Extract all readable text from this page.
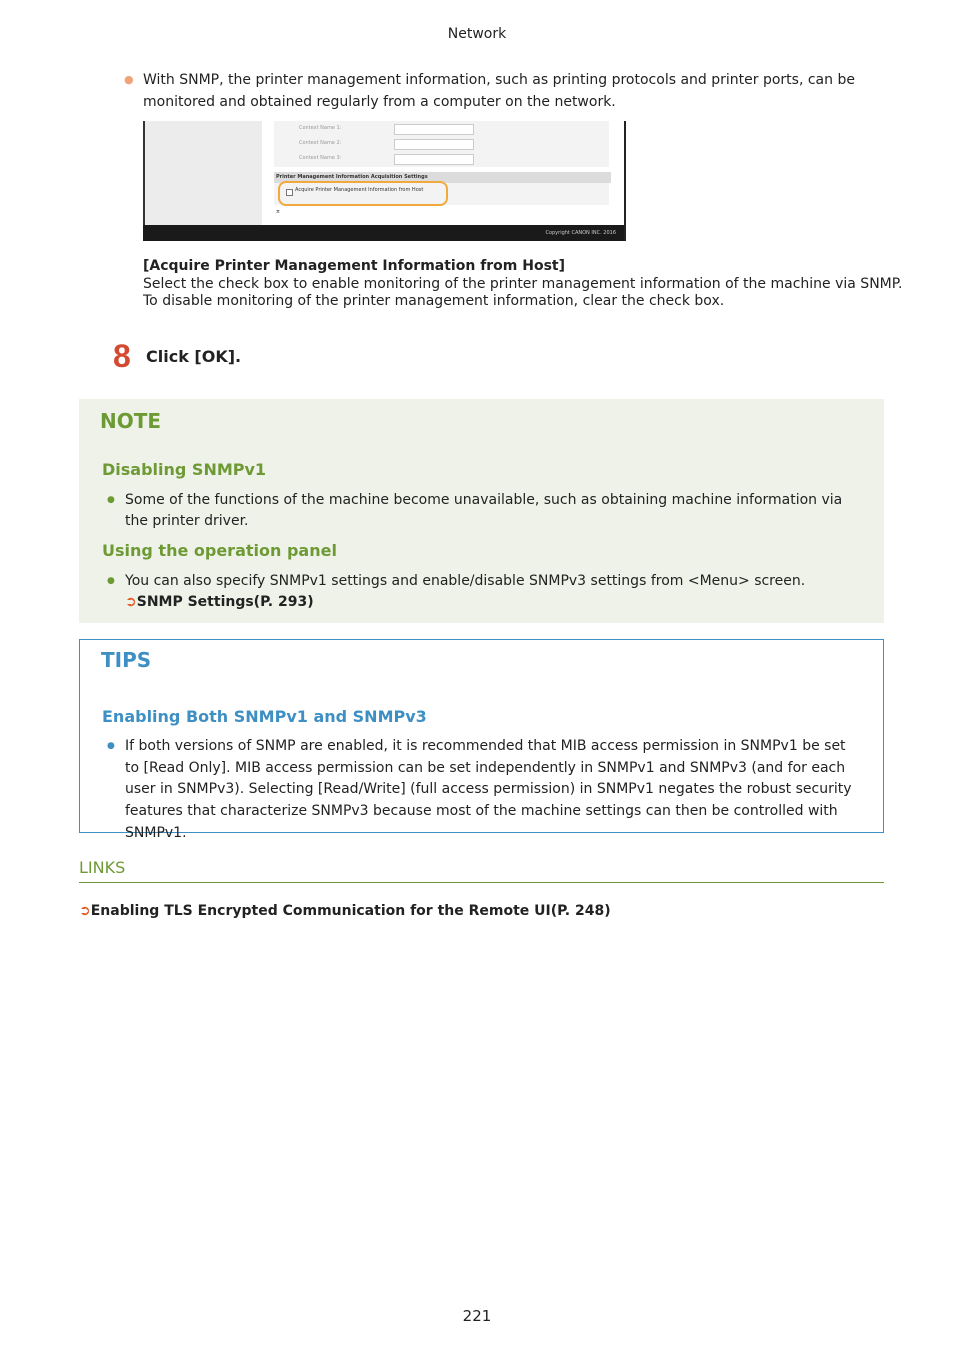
Network
● With SNMP, the printer management information, such as printing protocols and printer ports, can be monitored and obtained regularly from a computer on the network.
Context Name 1:
Context Name 2:
Context Name 3:
Printer Management Information Acquisition Settings
Acquire Printer Management Information from Host
⌅
Copyright CANON INC. 2016
[Acquire Printer Management Information from Host]
Select the check box to enable monitoring of the printer management information of the machine via SNMP.
To disable monitoring of the printer management information, clear the check box.
8 Click [OK].
NOTE
Disabling SNMPv1
● Some of the functions of the machine become unavailable, such as obtaining machine information via the printer driver.
Using the operation panel
● You can also specify SNMPv1 settings and enable/disable SNMPv3 settings from <Menu> screen. ➲SNMP Settings(P. 293)
TIPS
Enabling Both SNMPv1 and SNMPv3
● If both versions of SNMP are enabled, it is recommended that MIB access permission in SNMPv1 be set to [Read Only]. MIB access permission can be set independently in SNMPv1 and SNMPv3 (and for each user in SNMPv3). Selecting [Read/Write] (full access permission) in SNMPv1 negates the robust security features that characterize SNMPv3 because most of the machine settings can then be controlled with SNMPv1.
LINKS
➲Enabling TLS Encrypted Communication for the Remote UI(P. 248)
221
